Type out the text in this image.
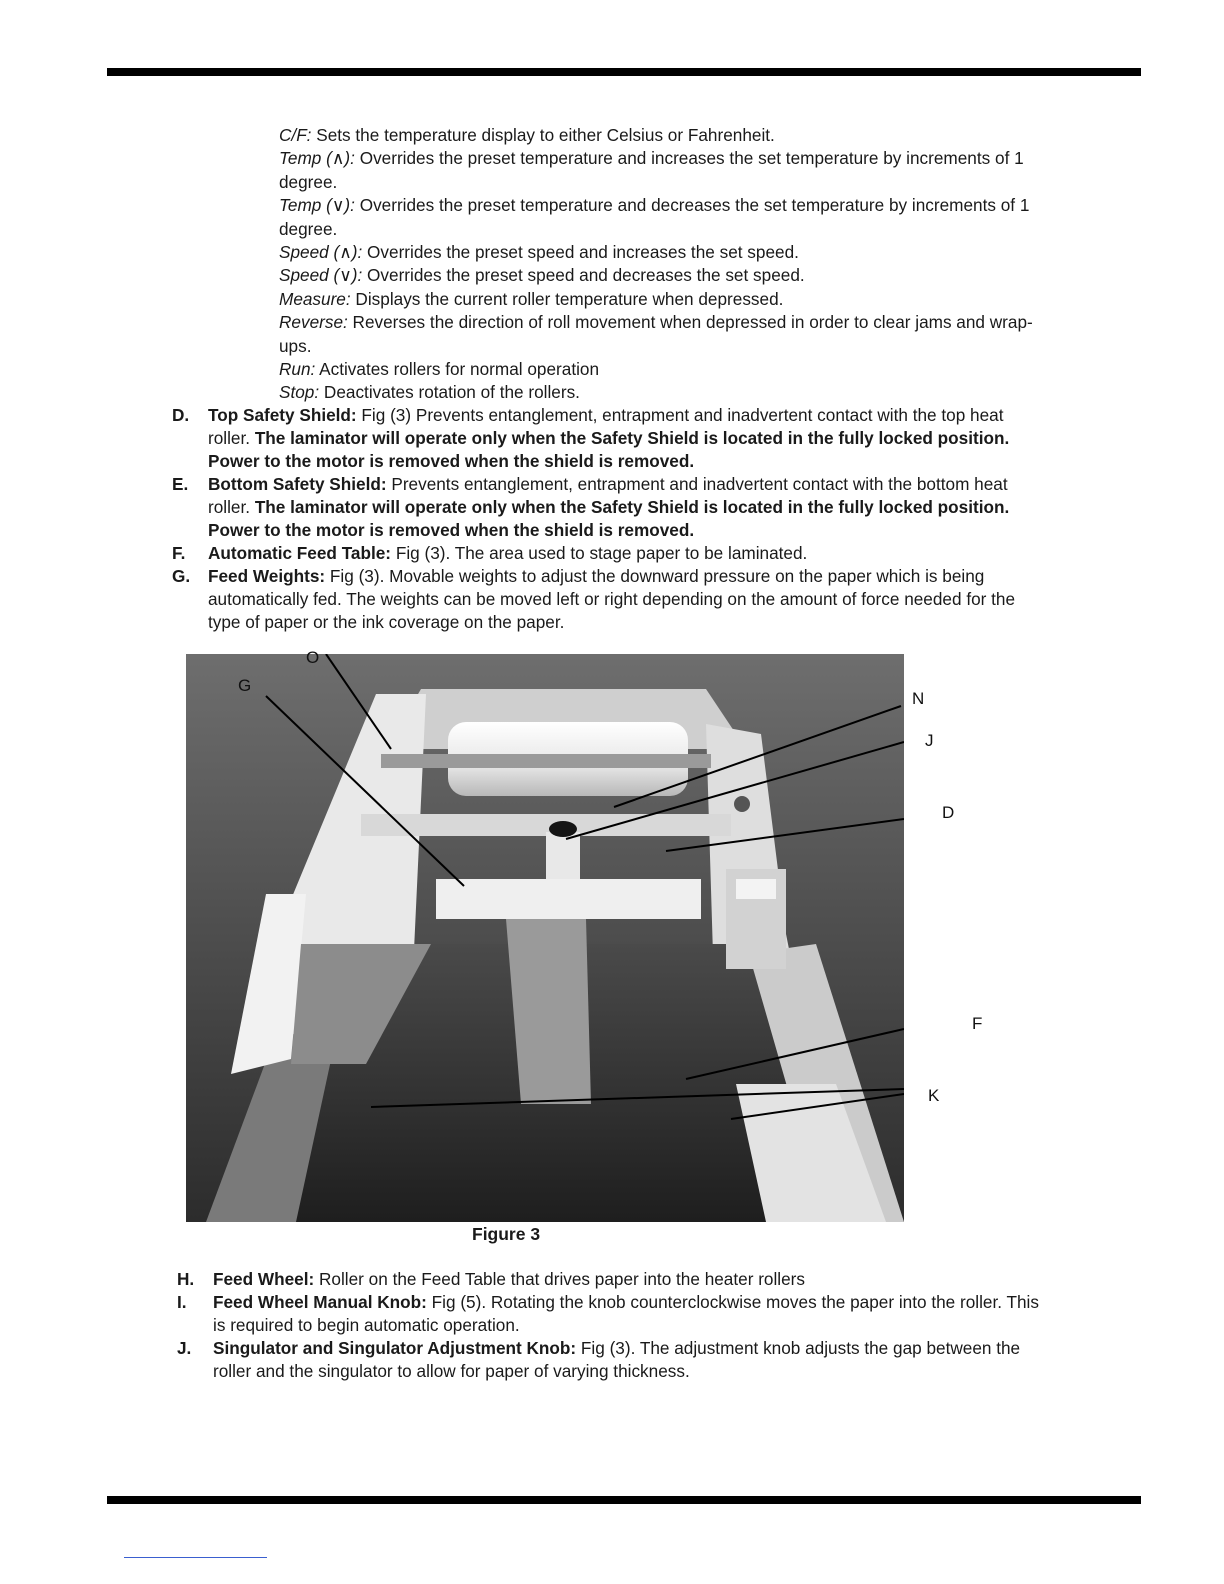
C/F: Sets the temperature display to either Celsius or Fahrenheit.

Temp (∧): Overrides the preset temperature and increases the set temperature by increments of 1 degree.

Temp (∨): Overrides the preset temperature and decreases the set temperature by increments of 1 degree.

Speed (∧): Overrides the preset speed and increases the set speed.

Speed (∨): Overrides the preset speed and decreases the set speed.

Measure: Displays the current roller temperature when depressed.

Reverse: Reverses the direction of roll movement when depressed in order to clear jams and wrap-ups.

Run: Activates rollers for normal operation

Stop: Deactivates rotation of the rollers.

D.	Top Safety Shield: Fig (3) Prevents entanglement, entrapment and inadvertent contact with the top heat roller. The laminator will operate only when the Safety Shield is located in the fully locked position. Power to the motor is removed when the shield is removed.
E.	Bottom Safety Shield: Prevents entanglement, entrapment and inadvertent contact with the bottom heat roller. The laminator will operate only when the Safety Shield is located in the fully locked position. Power to the motor is removed when the shield is removed.
F.	Automatic Feed Table: Fig (3). The area used to stage paper to be laminated.
G.	Feed Weights: Fig (3). Movable weights to adjust the downward pressure on the paper which is being automatically fed. The weights can be moved left or right depending on the amount of force needed for the type of paper or the ink coverage on the paper.
O
G
N
J
D
F
K
Figure 3
H.	Feed Wheel: Roller on the Feed Table that drives paper into the heater rollers
I.	Feed Wheel Manual Knob: Fig (5). Rotating the knob counterclockwise moves the paper into the roller. This is required to begin automatic operation.
J.	Singulator and Singulator Adjustment Knob: Fig (3). The adjustment knob adjusts the gap between the roller and the singulator to allow for paper of varying thickness.
